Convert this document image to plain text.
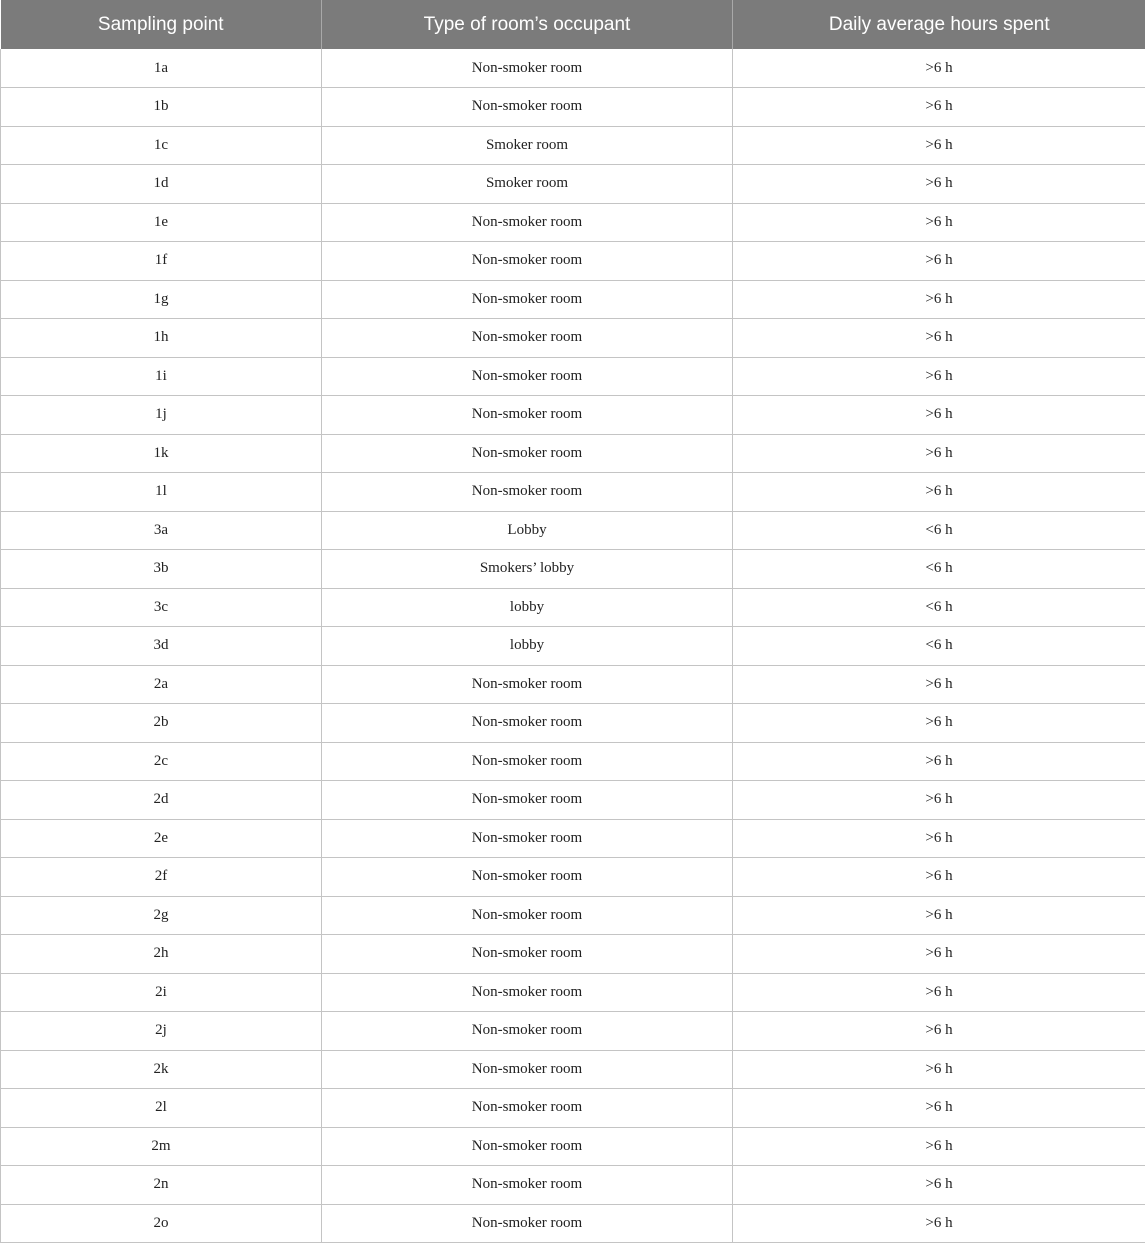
Sampling point	Type of room’s occupant	Daily average hours spent
1a	Non-smoker room	>6 h
1b	Non-smoker room	>6 h
1c	Smoker room	>6 h
1d	Smoker room	>6 h
1e	Non-smoker room	>6 h
1f	Non-smoker room	>6 h
1g	Non-smoker room	>6 h
1h	Non-smoker room	>6 h
1i	Non-smoker room	>6 h
1j	Non-smoker room	>6 h
1k	Non-smoker room	>6 h
1l	Non-smoker room	>6 h
3a	Lobby	<6 h
3b	Smokers’ lobby	<6 h
3c	lobby	<6 h
3d	lobby	<6 h
2a	Non-smoker room	>6 h
2b	Non-smoker room	>6 h
2c	Non-smoker room	>6 h
2d	Non-smoker room	>6 h
2e	Non-smoker room	>6 h
2f	Non-smoker room	>6 h
2g	Non-smoker room	>6 h
2h	Non-smoker room	>6 h
2i	Non-smoker room	>6 h
2j	Non-smoker room	>6 h
2k	Non-smoker room	>6 h
2l	Non-smoker room	>6 h
2m	Non-smoker room	>6 h
2n	Non-smoker room	>6 h
2o	Non-smoker room	>6 h
